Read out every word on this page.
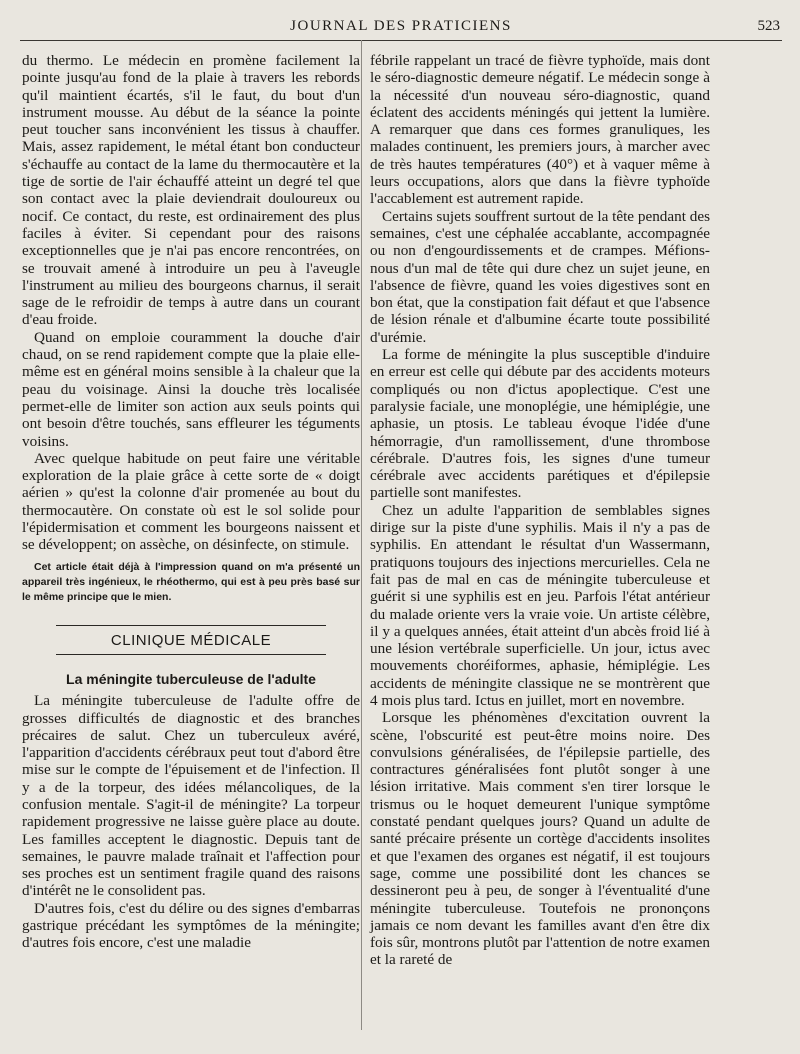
JOURNAL DES PRATICIENS	523

du thermo. Le médecin en promène facilement la pointe jusqu'au fond de la plaie à travers les rebords qu'il maintient écartés, s'il le faut, du bout d'un instrument mousse. Au début de la séance la pointe peut toucher sans inconvénient les tissus à chauffer. Mais, assez rapidement, le métal étant bon conducteur s'échauffe au contact de la lame du thermocautère et la tige de sortie de l'air échauffé atteint un degré tel que son contact avec la plaie deviendrait douloureux ou nocif. Ce contact, du reste, est ordinairement des plus faciles à éviter. Si cependant pour des raisons exceptionnelles que je n'ai pas encore rencontrées, on se trouvait amené à introduire un peu à l'aveugle l'instrument au milieu des bourgeons charnus, il serait sage de le refroidir de temps à autre dans un courant d'eau froide.

Quand on emploie couramment la douche d'air chaud, on se rend rapidement compte que la plaie elle-même est en général moins sensible à la chaleur que la peau du voisinage. Ainsi la douche très localisée permet-elle de limiter son action aux seuls points qui ont besoin d'être touchés, sans effleurer les téguments voisins.

Avec quelque habitude on peut faire une véritable exploration de la plaie grâce à cette sorte de « doigt aérien » qu'est la colonne d'air promenée au bout du thermocautère. On constate où est le sol solide pour l'épidermisation et comment les bourgeons naissent et se développent; on assèche, on désinfecte, on stimule.

Cet article était déjà à l'impression quand on m'a présenté un appareil très ingénieux, le rhéothermo, qui est à peu près basé sur le même principe que le mien.
CLINIQUE MÉDICALE
La méningite tuberculeuse de l'adulte

La méningite tuberculeuse de l'adulte offre de grosses difficultés de diagnostic et des branches précaires de salut. Chez un tuberculeux avéré, l'apparition d'accidents cérébraux peut tout d'abord être mise sur le compte de l'épuisement et de l'infection. Il y a de la torpeur, des idées mélancoliques, de la confusion mentale. S'agit-il de méningite? La torpeur rapidement progressive ne laisse guère place au doute. Les familles acceptent le diagnostic. Depuis tant de semaines, le pauvre malade traînait et l'affection pour ses proches est un sentiment fragile quand des raisons d'intérêt ne le consolident pas.

D'autres fois, c'est du délire ou des signes d'embarras gastrique précédant les symptômes de la méningite; d'autres fois encore, c'est une maladie

fébrile rappelant un tracé de fièvre typhoïde, mais dont le séro-diagnostic demeure négatif. Le médecin songe à la nécessité d'un nouveau séro-diagnostic, quand éclatent des accidents méningés qui jettent la lumière. A remarquer que dans ces formes granuliques, les malades continuent, les premiers jours, à marcher avec de très hautes températures (40°) et à vaquer même à leurs occupations, alors que dans la fièvre typhoïde l'accablement est autrement rapide.

Certains sujets souffrent surtout de la tête pendant des semaines, c'est une céphalée accablante, accompagnée ou non d'engourdissements et de crampes. Méfions-nous d'un mal de tête qui dure chez un sujet jeune, en l'absence de fièvre, quand les voies digestives sont en bon état, que la constipation fait défaut et que l'absence de lésion rénale et d'albumine écarte toute possibilité d'urémie.

La forme de méningite la plus susceptible d'induire en erreur est celle qui débute par des accidents moteurs compliqués ou non d'ictus apoplectique. C'est une paralysie faciale, une monoplégie, une hémiplégie, une aphasie, un ptosis. Le tableau évoque l'idée d'une hémorragie, d'un ramollissement, d'une thrombose cérébrale. D'autres fois, les signes d'une tumeur cérébrale avec accidents parétiques et d'épilepsie partielle sont manifestes.

Chez un adulte l'apparition de semblables signes dirige sur la piste d'une syphilis. Mais il n'y a pas de syphilis. En attendant le résultat d'un Wassermann, pratiquons toujours des injections mercurielles. Cela ne fait pas de mal en cas de méningite tuberculeuse et guérit si une syphilis est en jeu. Parfois l'état antérieur du malade oriente vers la vraie voie. Un artiste célèbre, il y a quelques années, était atteint d'un abcès froid lié à une lésion vertébrale superficielle. Un jour, ictus avec mouvements choréiformes, aphasie, hémiplégie. Les accidents de méningite classique ne se montrèrent que 4 mois plus tard. Ictus en juillet, mort en novembre.

Lorsque les phénomènes d'excitation ouvrent la scène, l'obscurité est peut-être moins noire. Des convulsions généralisées, de l'épilepsie partielle, des contractures généralisées font plutôt songer à une lésion irritative. Mais comment s'en tirer lorsque le trismus ou le hoquet demeurent l'unique symptôme constaté pendant quelques jours? Quand un adulte de santé précaire présente un cortège d'accidents insolites et que l'examen des organes est négatif, il est toujours sage, comme une possibilité dont les chances se dessineront peu à peu, de songer à l'éventualité d'une méningite tuberculeuse. Toutefois ne prononçons jamais ce nom devant les familles avant d'en être dix fois sûr, montrons plutôt par l'attention de notre examen et la rareté de
